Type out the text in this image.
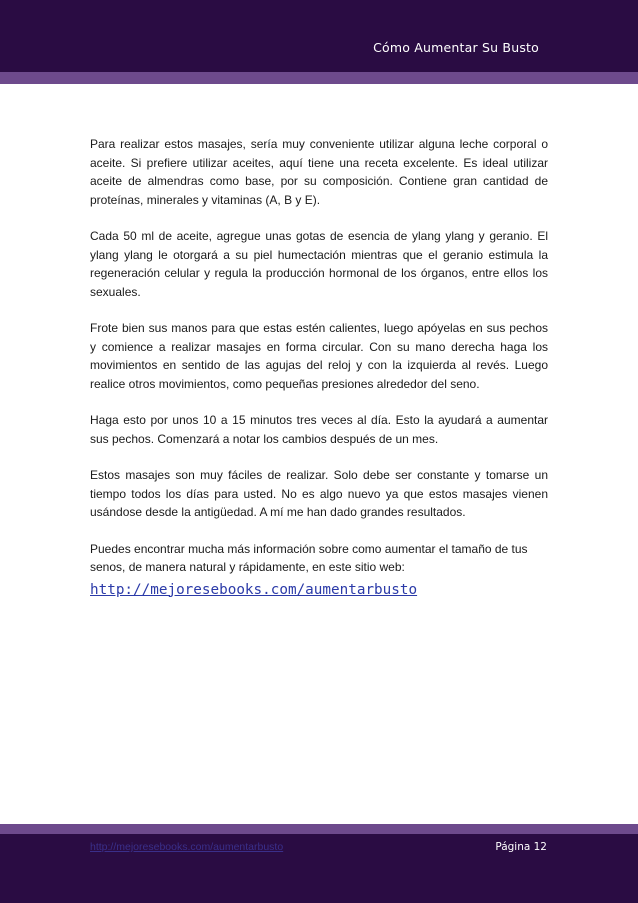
Cómo Aumentar Su Busto

Para realizar estos masajes, sería muy conveniente utilizar alguna leche corporal o aceite. Si prefiere utilizar aceites, aquí tiene una receta excelente. Es ideal utilizar aceite de almendras como base, por su composición. Contiene gran cantidad de proteínas, minerales y vitaminas (A, B y E).

Cada 50 ml de aceite, agregue unas gotas de esencia de ylang ylang y geranio. El ylang ylang le otorgará a su piel humectación mientras que el geranio estimula la regeneración celular y regula la producción hormonal de los órganos, entre ellos los sexuales.

Frote bien sus manos para que estas estén calientes, luego apóyelas en sus pechos y comience a realizar masajes en forma circular. Con su mano derecha haga los movimientos en sentido de las agujas del reloj y con la izquierda al revés. Luego realice otros movimientos, como pequeñas presiones alrededor del seno.

Haga esto por unos 10 a 15 minutos tres veces al día. Esto la ayudará a aumentar sus pechos. Comenzará a notar los cambios después de un mes.

Estos masajes son muy fáciles de realizar. Solo debe ser constante y tomarse un tiempo todos los días para usted. No es algo nuevo ya que estos masajes vienen usándose desde la antigüedad. A mí me han dado grandes resultados.

Puedes encontrar mucha más información sobre como aumentar el tamaño de tus senos, de manera natural y rápidamente, en este sitio web:

http://mejoresebooks.com/aumentarbusto
http://mejoresebooks.com/aumentarbusto	Página 12
